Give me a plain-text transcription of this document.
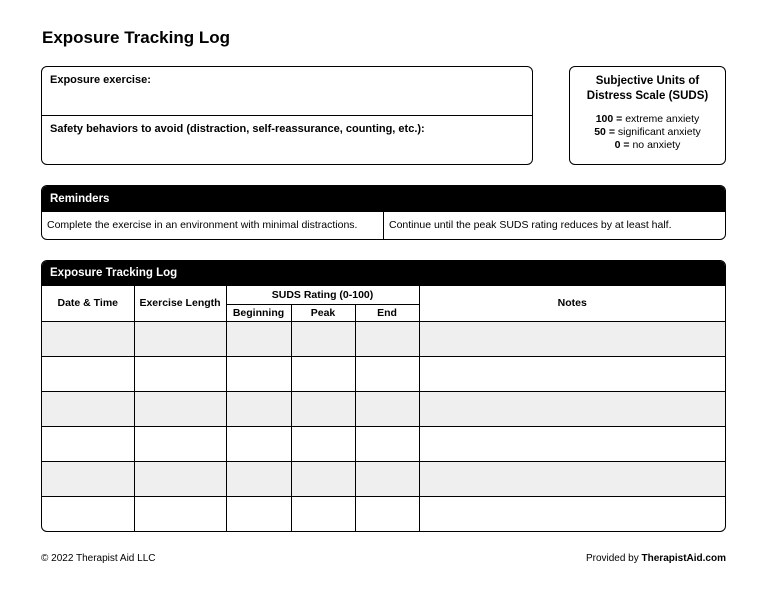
Exposure Tracking Log
Exposure exercise:
Safety behaviors to avoid (distraction, self-reassurance, counting, etc.):
Subjective Units of
Distress Scale (SUDS)
100 = extreme anxiety
50 = significant anxiety
0 = no anxiety
Reminders
Complete the exercise in an environment with minimal distractions.	Continue until the peak SUDS rating reduces by at least half.
Exposure Tracking Log
Date & Time	Exercise Length	SUDS Rating (0-100)			Notes
		Beginning	Peak	End	

© 2022 Therapist Aid LLC	Provided by TherapistAid.com
